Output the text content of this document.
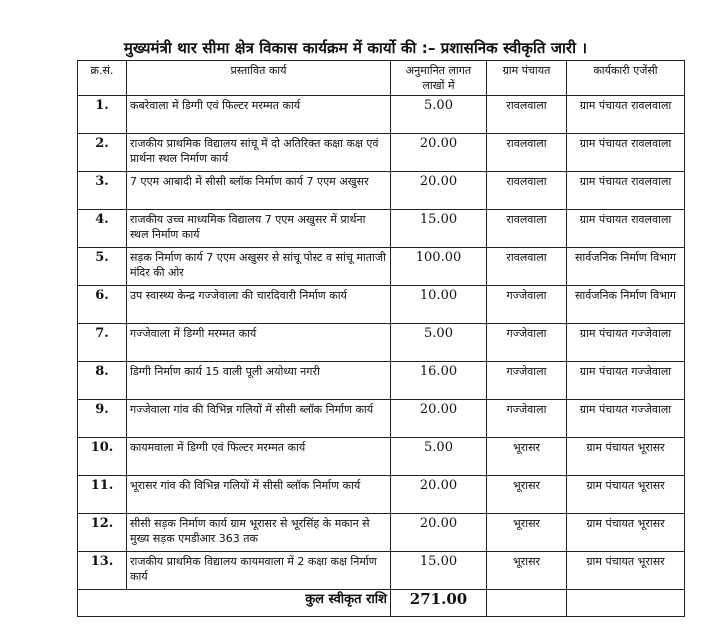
मुख्यमंत्री थार सीमा क्षेत्र विकास कार्यक्रम में कार्यो की :– प्रशासनिक स्वीकृति जारी ।
क्र.सं.	प्रस्तावित कार्य	अनुमानित लागत लाखों में	ग्राम पंचायत	कार्यकारी एजेंसी
1.	कबरेवाला में डिग्गी एवं फिल्टर मरम्मत कार्य	5.00	रावलवाला	ग्राम पंचायत रावलवाला
2.	राजकीय प्राथमिक विद्यालय सांचू में दो अतिरिक्त कक्षा कक्ष एवं प्रार्थना स्थल निर्माण कार्य	20.00	रावलवाला	ग्राम पंचायत रावलवाला
3.	7 एएम आबादी में सीसी ब्लॉक निर्माण कार्य 7 एएम अखुसर	20.00	रावलवाला	ग्राम पंचायत रावलवाला
4.	राजकीय उच्च माध्यमिक विद्यालय 7 एएम अखुसर में प्रार्थना स्थल निर्माण कार्य	15.00	रावलवाला	ग्राम पंचायत रावलवाला
5.	सड़क निर्माण कार्य 7 एएम अखुसर से सांचू पोस्ट व सांचू माताजी मंदिर की ओर	100.00	रावलवाला	सार्वजनिक निर्माण विभाग
6.	उप स्वास्थ्य केन्द्र गज्जेवाला की चारदिवारी निर्माण कार्य	10.00	गज्जेवाला	सार्वजनिक निर्माण विभाग
7.	गज्जेवाला में डिग्गी मरम्मत कार्य	5.00	गज्जेवाला	ग्राम पंचायत गज्जेवाला
8.	डिग्गी निर्माण कार्य 15 वाली पूली अयोध्या नगरी	16.00	गज्जेवाला	ग्राम पंचायत गज्जेवाला
9.	गज्जेवाला गांव की विभिन्न गलियों में सीसी ब्लॉक निर्माण कार्य	20.00	गज्जेवाला	ग्राम पंचायत गज्जेवाला
10.	कायमवाला में डिग्गी एवं फिल्टर मरम्मत कार्य	5.00	भूरासर	ग्राम पंचायत भूरासर
11.	भूरासर गांव की विभिन्न गलियों में सीसी ब्लॉक निर्माण कार्य	20.00	भूरासर	ग्राम पंचायत भूरासर
12.	सीसी सड़क निर्माण कार्य ग्राम भूरासर से भूरसिंह के मकान से मुख्य सड़क एमडीआर 363 तक	20.00	भूरासर	ग्राम पंचायत भूरासर
13.	राजकीय प्राथमिक विद्यालय कायमवाला में 2 कक्षा कक्ष निर्माण कार्य	15.00	भूरासर	ग्राम पंचायत भूरासर
कुल स्वीकृत राशि		271.00		
